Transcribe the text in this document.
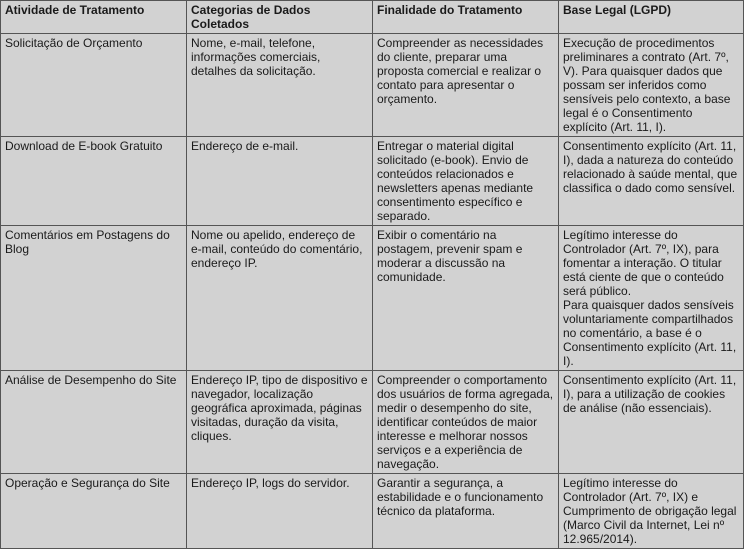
Atividade de Tratamento	Categorias de Dados Coletados	Finalidade do Tratamento	Base Legal (LGPD)
Solicitação de Orçamento	Nome, e-mail, telefone, informações comerciais, detalhes da solicitação.	Compreender as necessidades do cliente, preparar uma proposta comercial e realizar o contato para apresentar o orçamento.	Execução de procedimentos preliminares a contrato (Art. 7º, V). Para quaisquer dados que possam ser inferidos como sensíveis pelo contexto, a base legal é o Consentimento explícito (Art. 11, I).

Download de E-book Gratuito	Endereço de e-mail.	Entregar o material digital solicitado (e-book). Envio de conteúdos relacionados e newsletters apenas mediante consentimento específico e separado.	Consentimento explícito (Art. 11, I), dada a natureza do conteúdo relacionado à saúde mental, que classifica o dado como sensível.

Comentários em Postagens do Blog	Nome ou apelido, endereço de e-mail, conteúdo do comentário, endereço IP.	Exibir o comentário na postagem, prevenir spam e moderar a discussão na comunidade.	Legítimo interesse do Controlador (Art. 7º, IX), para fomentar a interação. O titular está ciente de que o conteúdo será público.
Para quaisquer dados sensíveis voluntariamente compartilhados no comentário, a base é o Consentimento explícito (Art. 11, I).

Análise de Desempenho do Site	Endereço IP, tipo de dispositivo e navegador, localização geográfica aproximada, páginas visitadas, duração da visita, cliques.	Compreender o comportamento dos usuários de forma agregada, medir o desempenho do site, identificar conteúdos de maior interesse e melhorar nossos serviços e a experiência de navegação.	Consentimento explícito (Art. 11, I), para a utilização de cookies de análise (não essenciais).

Operação e Segurança do Site	Endereço IP, logs do servidor.	Garantir a segurança, a estabilidade e o funcionamento técnico da plataforma.	Legítimo interesse do Controlador (Art. 7º, IX) e Cumprimento de obrigação legal (Marco Civil da Internet, Lei nº 12.965/2014).
